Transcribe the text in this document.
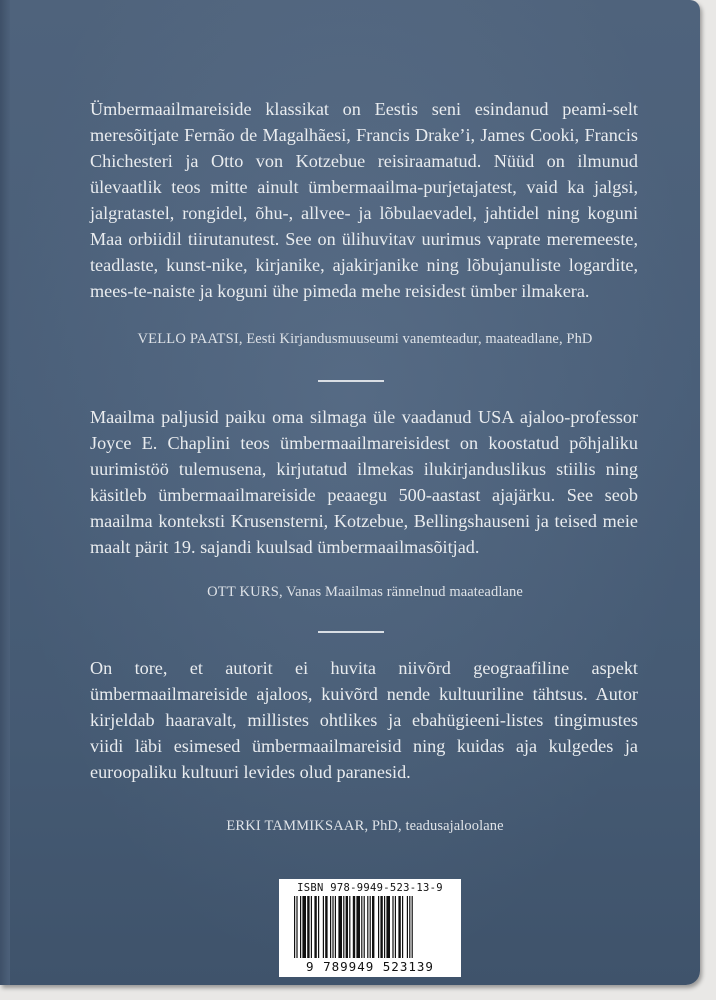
Ümbermaailmareiside klassikat on Eestis seni esindanud peami-selt meresõitjate Fernão de Magalhãesi, Francis Drake’i, James Cooki, Francis Chichesteri ja Otto von Kotzebue reisiraamatud. Nüüd on ilmunud ülevaatlik teos mitte ainult ümbermaailma-purjetajatest, vaid ka jalgsi, jalgratastel, rongidel, õhu-, allvee- ja lõbulaevadel, jahtidel ning koguni Maa orbiidil tiirutanutest. See on ülihuvitav uurimus vaprate meremeeste, teadlaste, kunst-nike, kirjanike, ajakirjanike ning lõbujanuliste logardite, mees-te-naiste ja koguni ühe pimeda mehe reisidest ümber ilmakera.

VELLO PAATSI, Eesti Kirjandusmuuseumi vanemteadur, maateadlane, PhD

Maailma paljusid paiku oma silmaga üle vaadanud USA ajaloo-professor Joyce E. Chaplini teos ümbermaailmareisidest on koostatud põhjaliku uurimistöö tulemusena, kirjutatud ilmekas ilukirjanduslikus stiilis ning käsitleb ümbermaailmareiside peaaegu 500-aastast ajajärku. See seob maailma konteksti Krusensterni, Kotzebue, Bellingshauseni ja teised meie maalt pärit 19. sajandi kuulsad ümbermaailmasõitjad.

OTT KURS, Vanas Maailmas rännelnud maateadlane

On tore, et autorit ei huvita niivõrd geograafiline aspekt ümbermaailmareiside ajaloos, kuivõrd nende kultuuriline tähtsus. Autor kirjeldab haaravalt, millistes ohtlikes ja ebahügieeni-listes tingimustes viidi läbi esimesed ümbermaailmareisid ning kuidas aja kulgedes ja euroopaliku kultuuri levides olud paranesid.

ERKI TAMMIKSAAR, PhD, teadusajaloolane

ISBN 978-9949-523-13-9
9 789949 523139
